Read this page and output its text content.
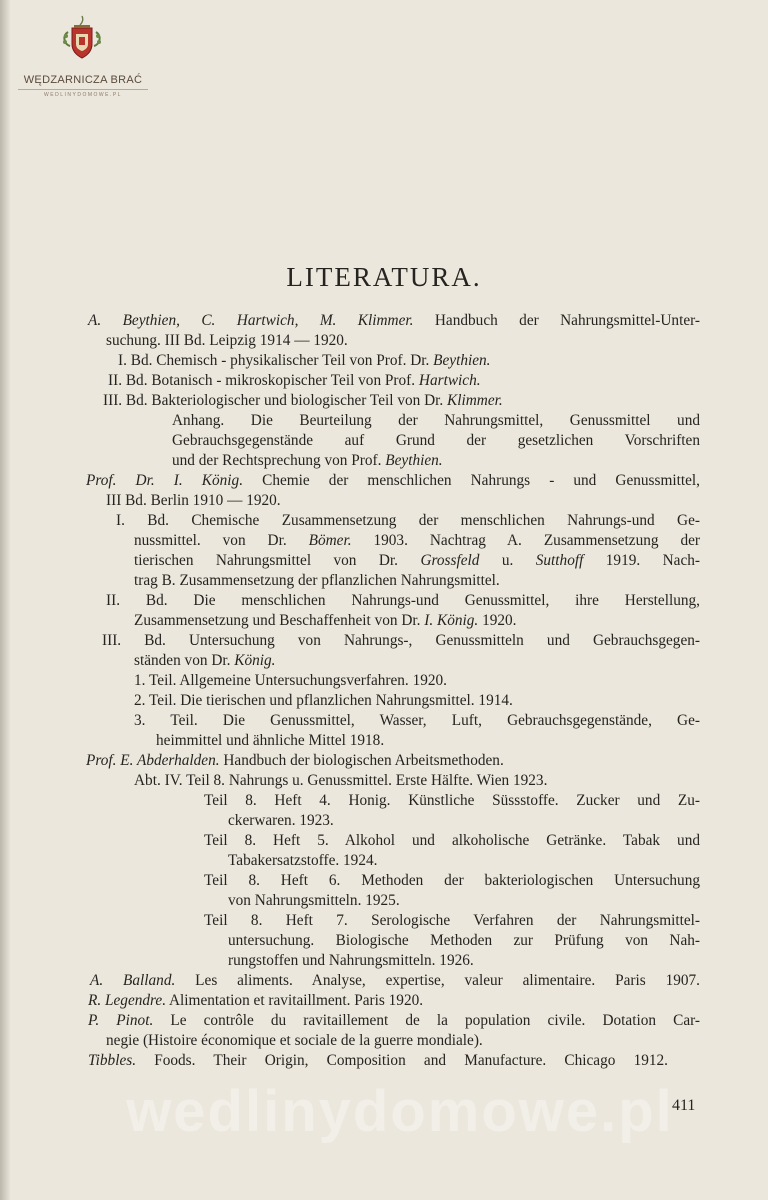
WĘDZARNICZA BRAĆ
WEDLINYDOMOWE.PL
LITERATURA.
A. Beythien, C. Hartwich, M. Klimmer. Handbuch der Nahrungsmittel-Unter-
suchung. III Bd. Leipzig 1914 — 1920.
I. Bd. Chemisch - physikalischer Teil von Prof. Dr. Beythien.
II. Bd. Botanisch - mikroskopischer Teil von Prof. Hartwich.
III. Bd. Bakteriologischer und biologischer Teil von Dr. Klimmer.
Anhang. Die Beurteilung der Nahrungsmittel, Genussmittel und
Gebrauchsgegenstände auf Grund der gesetzlichen Vorschriften
und der Rechtsprechung von Prof. Beythien.
Prof. Dr. I. König. Chemie der menschlichen Nahrungs - und Genussmittel,
III Bd. Berlin 1910 — 1920.
I. Bd. Chemische Zusammensetzung der menschlichen Nahrungs-und Ge-
nussmittel. von Dr. Bömer. 1903. Nachtrag A. Zusammensetzung der
tierischen Nahrungsmittel von Dr. Grossfeld u. Sutthoff 1919. Nach-
trag B. Zusammensetzung der pflanzlichen Nahrungsmittel.
II. Bd. Die menschlichen Nahrungs-und Genussmittel, ihre Herstellung,
Zusammensetzung und Beschaffenheit von Dr. I. König. 1920.
III. Bd. Untersuchung von Nahrungs-, Genussmitteln und Gebrauchsgegen-
ständen von Dr. König.
1. Teil. Allgemeine Untersuchungsverfahren. 1920.
2. Teil. Die tierischen und pflanzlichen Nahrungsmittel. 1914.
3. Teil. Die Genussmittel, Wasser, Luft, Gebrauchsgegenstände, Ge-
heimmittel und ähnliche Mittel 1918.
Prof. E. Abderhalden. Handbuch der biologischen Arbeitsmethoden.
Abt. IV. Teil 8. Nahrungs u. Genussmittel. Erste Hälfte. Wien 1923.
Teil 8. Heft 4. Honig. Künstliche Süssstoffe. Zucker und Zu-
ckerwaren. 1923.
Teil 8. Heft 5. Alkohol und alkoholische Getränke. Tabak und
Tabakersatzstoffe. 1924.
Teil 8. Heft 6. Methoden der bakteriologischen Untersuchung
von Nahrungsmitteln. 1925.
Teil 8. Heft 7. Serologische Verfahren der Nahrungsmittel-
untersuchung. Biologische Methoden zur Prüfung von Nah-
rungstoffen und Nahrungsmitteln. 1926.
A. Balland. Les aliments. Analyse, expertise, valeur alimentaire. Paris 1907.
R. Legendre. Alimentation et ravitaillment. Paris 1920.
P. Pinot. Le contrôle du ravitaillement de la population civile. Dotation Car-
negie (Histoire économique et sociale de la guerre mondiale).
Tibbles. Foods. Their Origin, Composition and Manufacture. Chicago 1912.
411
wedlinydomowe.pl
